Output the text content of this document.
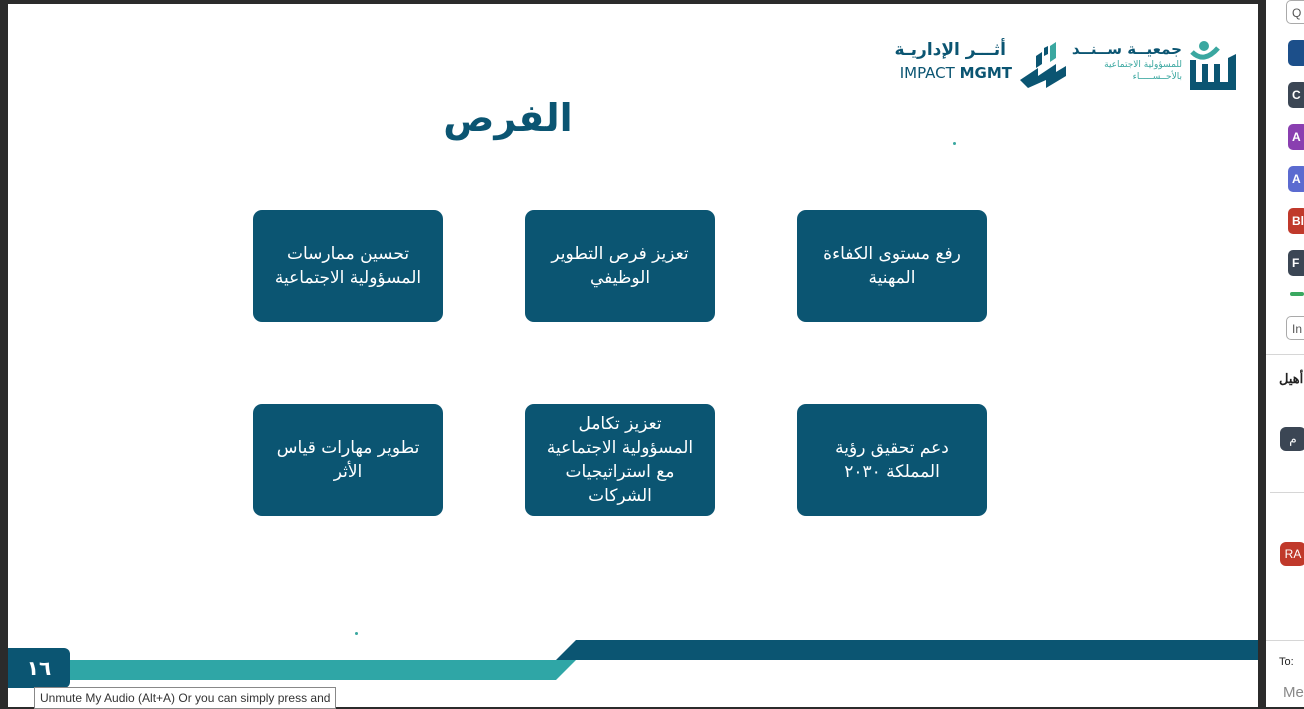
أثـــر الإداريـة
IMPACT MGMT
جمعيــة ســنــد
للمسؤولية الاجتماعية
بالأحــســـــاء
الفرص
تحسين ممارسات
المسؤولية الاجتماعية
تعزيز فرص التطوير
الوظيفي
رفع مستوى الكفاءة
المهنية
تطوير مهارات قياس
الأثر
تعزيز تكامل
المسؤولية الاجتماعية
مع استراتيجيات
الشركات
دعم تحقيق رؤية
المملكة ٢٠٣٠
١٦
Unmute My Audio (Alt+A) Or you can simply press and
Q
C
A
A
Bl
F
In
أهيل
م
RA
To:
Me
